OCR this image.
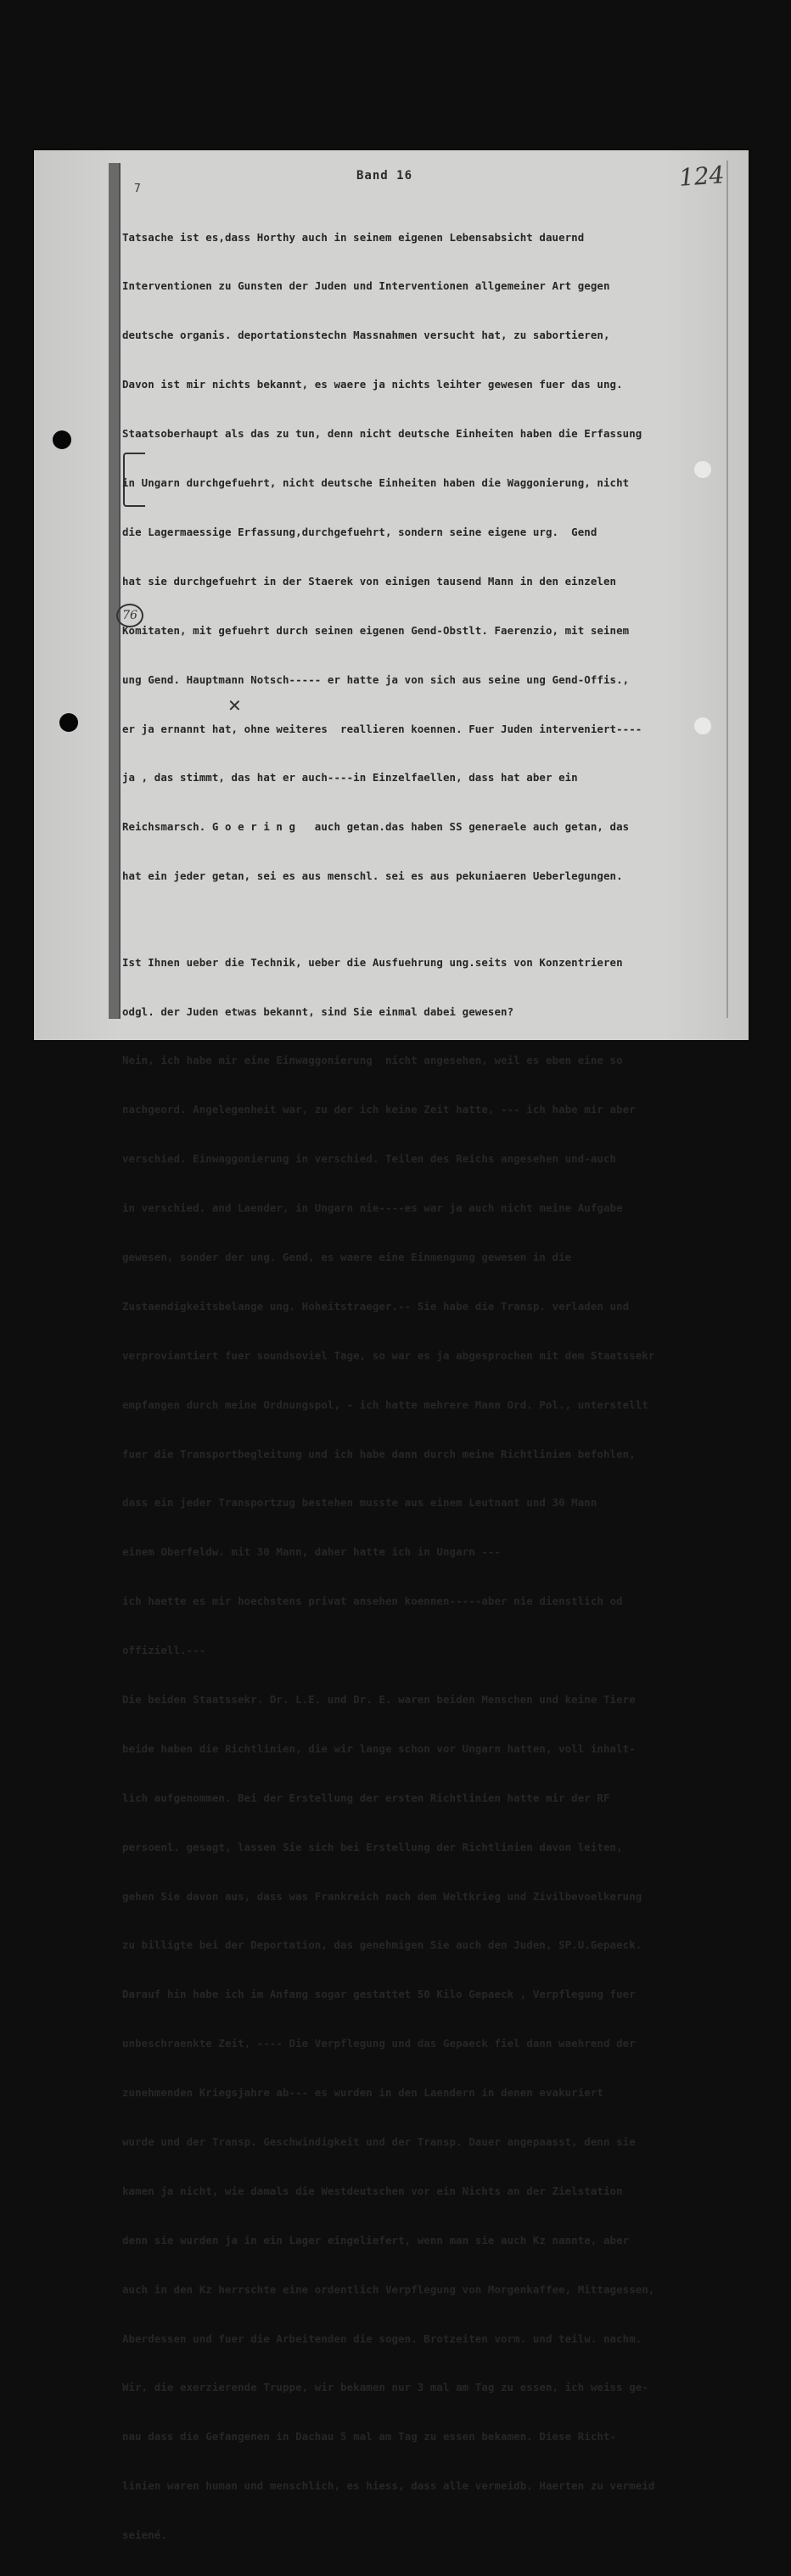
7
Band 16	124
76
✕

Tatsache ist es,dass Horthy auch in seinem eigenen Lebensabsicht dauernd

Interventionen zu Gunsten der Juden und Interventionen allgemeiner Art gegen

deutsche organis. deportationstechn Massnahmen versucht hat, zu sabortieren,

Davon ist mir nichts bekannt, es waere ja nichts leihter gewesen fuer das ung.

Staatsoberhaupt als das zu tun, denn nicht deutsche Einheiten haben die Erfassung

in Ungarn durchgefuehrt, nicht deutsche Einheiten haben die Waggonierung, nicht

die Lagermaessige Erfassung,durchgefuehrt, sondern seine eigene urg.  Gend

hat sie durchgefuehrt in der Staerek von einigen tausend Mann in den einzelen

Komitaten, mit gefuehrt durch seinen eigenen Gend-Obstlt. Faerenzio, mit seinem

ung Gend. Hauptmann Notsch----- er hatte ja von sich aus seine ung Gend-Offis.,

er ja ernannt hat, ohne weiteres  reallieren koennen. Fuer Juden interveniert----

ja , das stimmt, das hat er auch----in Einzelfaellen, dass hat aber ein

Reichsmarsch. G o e r i n g   auch getan.das haben SS generaele auch getan, das

hat ein jeder getan, sei es aus menschl. sei es aus pekuniaeren Ueberlegungen.

Ist Ihnen ueber die Technik, ueber die Ausfuehrung ung.seits von Konzentrieren

odgl. der Juden etwas bekannt, sind Sie einmal dabei gewesen?

Nein, ich habe mir eine Einwaggonierung  nicht angesehen, weil es eben eine so

nachgeord. Angelegenheit war, zu der ich keine Zeit hatte, --- ich habe mir aber

verschied. Einwaggonierung in verschied. Teilen des Reichs angesehen und-auch

in verschied. and Laender, in Ungarn nie----es war ja auch nicht meine Aufgabe

gewesen, sonder der ung. Gend, es waere eine Einmengung gewesen in die

Zustaendigkeitsbelange ung. Hoheitstraeger.-- Sie habe die Transp. verladen und

verproviantiert fuer soundsoviel Tage, so war es ja abgesprochen mit dem Staatssekr

empfangen durch meine Ordnungspol, - ich hatte mehrere Mann Ord. Pol., unterstellt

fuer die Transportbegleitung und ich habe dann durch meine Richtlinien befohlen,

dass ein jeder Transportzug bestehen musste aus einem Leutnant und 30 Mann

einem Oberfeldw. mit 30 Mann, daher hatte ich in Ungarn ---

ich haette es mir hoechstens privat ansehen koennen-----aber nie dienstlich od

offiziell.---

Die beiden Staatssekr. Dr. L.E. und Dr. E. waren beiden Menschen und keine Tiere

beide haben die Richtlinien, die wir lange schon vor Ungarn hatten, voll inhalt-

lich aufgenommen. Bei der Erstellung der ersten Richtlinien hatte mir der RF

persoenl. gesagt, lassen Sie sich bei Erstellung der Richtlinien davon leiten,

gehen Sie davon aus, dass was Frankreich nach dem Weltkrieg und Zivilbevoelkerung

zu billigte bei der Deportation, das genehmigen Sie auch den Juden, SP.U.Gepaeck.

Darauf hin habe ich im Anfang sogar gestattet 50 Kilo Gepaeck , Verpflegung fuer

unbeschraenkte Zeit, ---- Die Verpflegung und das Gepaeck fiel dann waehrend der

zunehmenden Kriegsjahre ab--- es wurden in den Laendern in denen evakuriert

wurde und der Transp. Geschwindigkeit und der Transp. Dauer angepaasst, denn sie

kamen ja nicht, wie damals die Westdeutschen vor ein Nichts an der Zielstation

denn sie wurden ja in ein Lager eingeliefert, wenn man sie auch Kz nannte, aber

auch in den Kz herrschte eine ordentlich Verpflegung von Morgenkaffee, Mittagessen,

Aberdessen und fuer die Arbeitenden die sogen. Brotzeiten vorm. und teilw. nachm.

Wir, die exerzierende Truppe, wir bekamen nur 3 mal am Tag zu essen, ich weiss ge-

nau dass die Gefangenen in Dachau 5 mal am Tag zu essen bekamen. Diese Richt-

linien waren human und menschlich, es hiess, dass alle vermeidb. Haerten zu vermeid

seiené.
